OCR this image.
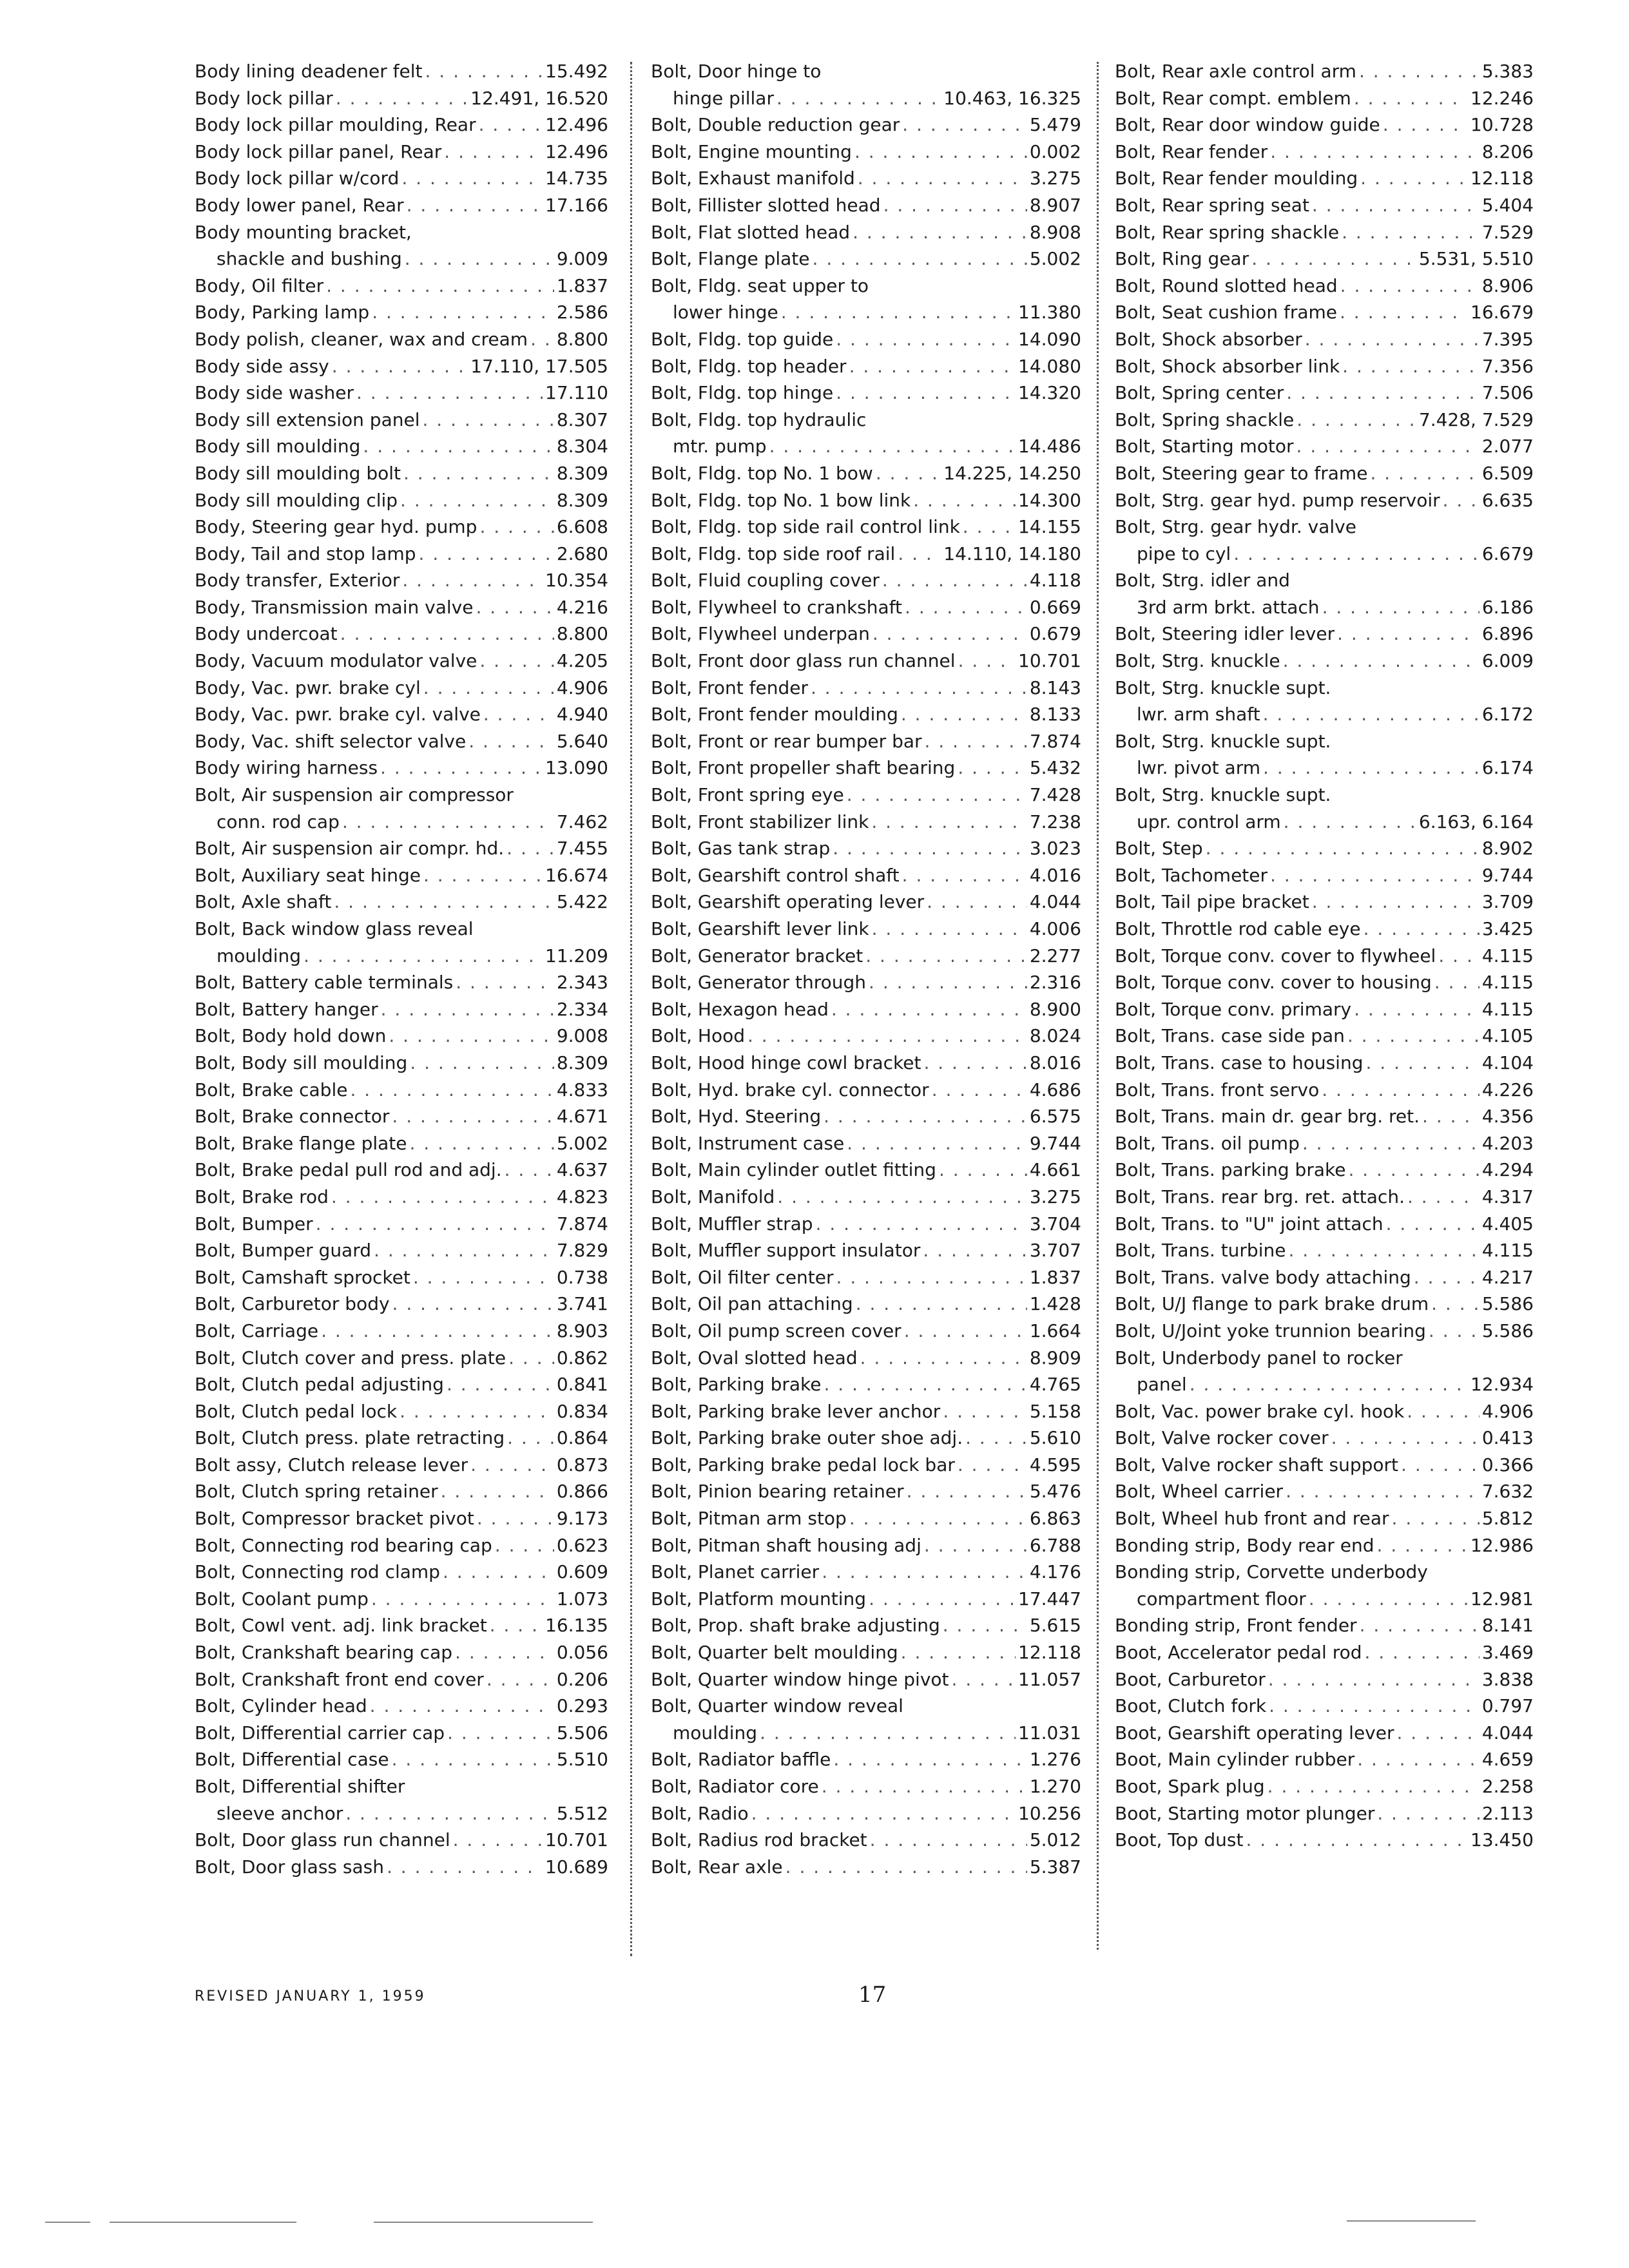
Body lining deadener felt . . .	15.492
Body lock pillar . . .	12.491, 16.520
Body lock pillar moulding, Rear . . .	12.496
Body lock pillar panel, Rear . . .	12.496
Body lock pillar w/cord . . .	14.735
Body lower panel, Rear . . .	17.166
Body mounting bracket,
shackle and bushing . . .	9.009
Body, Oil filter . . .	1.837
Body, Parking lamp . . .	2.586
Body polish, cleaner, wax and cream . . . 8.800
Body side assy . . .	17.110, 17.505
Body side washer . . .	17.110
Body sill extension panel . . .	8.307
Body sill moulding . . .	8.304
Body sill moulding bolt . . .	8.309
Body sill moulding clip . . .	8.309
Body, Steering gear hyd. pump . . .	6.608
Body, Tail and stop lamp . . .	2.680
Body transfer, Exterior . . .	10.354
Body, Transmission main valve . . .	4.216
Body undercoat . . .	8.800
Body, Vacuum modulator valve . . .	4.205
Body, Vac. pwr. brake cyl . . .	4.906
Body, Vac. pwr. brake cyl. valve . . .	4.940
Body, Vac. shift selector valve . . .	5.640
Body wiring harness . . .	13.090
Bolt, Air suspension air compressor
conn. rod cap . . .	7.462
Bolt, Air suspension air compr. hd. . . .	7.455
Bolt, Auxiliary seat hinge . . .	16.674
Bolt, Axle shaft . . .	5.422
Bolt, Back window glass reveal
moulding . . .	11.209
Bolt, Battery cable terminals . . .	2.343
Bolt, Battery hanger . . .	2.334
Bolt, Body hold down . . .	9.008
Bolt, Body sill moulding . . .	8.309
Bolt, Brake cable . . .	4.833
Bolt, Brake connector . . .	4.671
Bolt, Brake flange plate . . .	5.002
Bolt, Brake pedal pull rod and adj. . . .	4.637
Bolt, Brake rod . . .	4.823
Bolt, Bumper . . .	7.874
Bolt, Bumper guard . . .	7.829
Bolt, Camshaft sprocket . . .	0.738
Bolt, Carburetor body . . .	3.741
Bolt, Carriage . . .	8.903
Bolt, Clutch cover and press. plate . . .	0.862
Bolt, Clutch pedal adjusting . . .	0.841
Bolt, Clutch pedal lock . . .	0.834
Bolt, Clutch press. plate retracting . . .	0.864
Bolt assy, Clutch release lever . . .	0.873
Bolt, Clutch spring retainer . . .	0.866
Bolt, Compressor bracket pivot . . .	9.173
Bolt, Connecting rod bearing cap . . .	0.623
Bolt, Connecting rod clamp . . .	0.609
Bolt, Coolant pump . . .	1.073
Bolt, Cowl vent. adj. link bracket . . .	16.135
Bolt, Crankshaft bearing cap . . .	0.056
Bolt, Crankshaft front end cover . . .	0.206
Bolt, Cylinder head . . .	0.293
Bolt, Differential carrier cap . . .	5.506
Bolt, Differential case . . .	5.510
Bolt, Differential shifter
sleeve anchor . . .	5.512
Bolt, Door glass run channel . . .	10.701
Bolt, Door glass sash . . .	10.689
Bolt, Door hinge to
hinge pillar . . .	10.463, 16.325
Bolt, Double reduction gear . . .	5.479
Bolt, Engine mounting . . .	0.002
Bolt, Exhaust manifold . . .	3.275
Bolt, Fillister slotted head . . .	8.907
Bolt, Flat slotted head . . .	8.908
Bolt, Flange plate . . .	5.002
Bolt, Fldg. seat upper to
lower hinge . . .	11.380
Bolt, Fldg. top guide . . .	14.090
Bolt, Fldg. top header . . .	14.080
Bolt, Fldg. top hinge . . .	14.320
Bolt, Fldg. top hydraulic
mtr. pump . . .	14.486
Bolt, Fldg. top No. 1 bow . . .	14.225, 14.250
Bolt, Fldg. top No. 1 bow link . . .	14.300
Bolt, Fldg. top side rail control link . . .	14.155
Bolt, Fldg. top side roof rail . . .	14.110, 14.180
Bolt, Fluid coupling cover . . .	4.118
Bolt, Flywheel to crankshaft . . .	0.669
Bolt, Flywheel underpan . . .	0.679
Bolt, Front door glass run channel . . .	10.701
Bolt, Front fender . . .	8.143
Bolt, Front fender moulding . . .	8.133
Bolt, Front or rear bumper bar . . .	7.874
Bolt, Front propeller shaft bearing . . .	5.432
Bolt, Front spring eye . . .	7.428
Bolt, Front stabilizer link . . .	7.238
Bolt, Gas tank strap . . .	3.023
Bolt, Gearshift control shaft . . .	4.016
Bolt, Gearshift operating lever . . .	4.044
Bolt, Gearshift lever link . . .	4.006
Bolt, Generator bracket . . .	2.277
Bolt, Generator through . . .	2.316
Bolt, Hexagon head . . .	8.900
Bolt, Hood . . .	8.024
Bolt, Hood hinge cowl bracket . . .	8.016
Bolt, Hyd. brake cyl. connector . . .	4.686
Bolt, Hyd. Steering . . .	6.575
Bolt, Instrument case . . .	9.744
Bolt, Main cylinder outlet fitting . . .	4.661
Bolt, Manifold . . .	3.275
Bolt, Muffler strap . . .	3.704
Bolt, Muffler support insulator . . .	3.707
Bolt, Oil filter center . . .	1.837
Bolt, Oil pan attaching . . .	1.428
Bolt, Oil pump screen cover . . .	1.664
Bolt, Oval slotted head . . .	8.909
Bolt, Parking brake . . .	4.765
Bolt, Parking brake lever anchor . . .	5.158
Bolt, Parking brake outer shoe adj. . . .	5.610
Bolt, Parking brake pedal lock bar . . .	4.595
Bolt, Pinion bearing retainer . . .	5.476
Bolt, Pitman arm stop . . .	6.863
Bolt, Pitman shaft housing adj . . .	6.788
Bolt, Planet carrier . . .	4.176
Bolt, Platform mounting . . .	17.447
Bolt, Prop. shaft brake adjusting . . .	5.615
Bolt, Quarter belt moulding . . .	12.118
Bolt, Quarter window hinge pivot . . .	11.057
Bolt, Quarter window reveal
moulding . . .	11.031
Bolt, Radiator baffle . . .	1.276
Bolt, Radiator core . . .	1.270
Bolt, Radio . . .	10.256
Bolt, Radius rod bracket . . .	5.012
Bolt, Rear axle . . .	5.387
Bolt, Rear axle control arm . . .	5.383
Bolt, Rear compt. emblem . . .	12.246
Bolt, Rear door window guide . . .	10.728
Bolt, Rear fender . . .	8.206
Bolt, Rear fender moulding . . .	12.118
Bolt, Rear spring seat . . .	5.404
Bolt, Rear spring shackle . . .	7.529
Bolt, Ring gear . . .	5.531, 5.510
Bolt, Round slotted head . . .	8.906
Bolt, Seat cushion frame . . .	16.679
Bolt, Shock absorber . . .	7.395
Bolt, Shock absorber link . . .	7.356
Bolt, Spring center . . .	7.506
Bolt, Spring shackle . . .	7.428, 7.529
Bolt, Starting motor . . .	2.077
Bolt, Steering gear to frame . . .	6.509
Bolt, Strg. gear hyd. pump reservoir . . . 6.635
Bolt, Strg. gear hydr. valve
pipe to cyl . . .	6.679
Bolt, Strg. idler and
3rd arm brkt. attach . . .	6.186
Bolt, Steering idler lever . . .	6.896
Bolt, Strg. knuckle . . .	6.009
Bolt, Strg. knuckle supt.
lwr. arm shaft . . .	6.172
Bolt, Strg. knuckle supt.
lwr. pivot arm . . .	6.174
Bolt, Strg. knuckle supt.
upr. control arm . . .	6.163, 6.164
Bolt, Step . . .	8.902
Bolt, Tachometer . . .	9.744
Bolt, Tail pipe bracket . . .	3.709
Bolt, Throttle rod cable eye . . .	3.425
Bolt, Torque conv. cover to flywheel . . .	4.115
Bolt, Torque conv. cover to housing . . .	4.115
Bolt, Torque conv. primary . . .	4.115
Bolt, Trans. case side pan . . .	4.105
Bolt, Trans. case to housing . . .	4.104
Bolt, Trans. front servo . . .	4.226
Bolt, Trans. main dr. gear brg. ret. . . .	4.356
Bolt, Trans. oil pump . . .	4.203
Bolt, Trans. parking brake . . .	4.294
Bolt, Trans. rear brg. ret. attach. . . .	4.317
Bolt, Trans. to "U" joint attach . . .	4.405
Bolt, Trans. turbine . . .	4.115
Bolt, Trans. valve body attaching . . .	4.217
Bolt, U/J flange to park brake drum . . .	5.586
Bolt, U/Joint yoke trunnion bearing . . .	5.586
Bolt, Underbody panel to rocker
panel . . .	12.934
Bolt, Vac. power brake cyl. hook . . .	4.906
Bolt, Valve rocker cover . . .	0.413
Bolt, Valve rocker shaft support . . .	0.366
Bolt, Wheel carrier . . .	7.632
Bolt, Wheel hub front and rear . . .	5.812
Bonding strip, Body rear end . . .	12.986
Bonding strip, Corvette underbody
compartment floor . . .	12.981
Bonding strip, Front fender . . .	8.141
Boot, Accelerator pedal rod . . .	3.469
Boot, Carburetor . . .	3.838
Boot, Clutch fork . . .	0.797
Boot, Gearshift operating lever . . .	4.044
Boot, Main cylinder rubber . . .	4.659
Boot, Spark plug . . .	2.258
Boot, Starting motor plunger . . .	2.113
Boot, Top dust . . .	13.450
REVISED JANUARY 1, 1959	17
